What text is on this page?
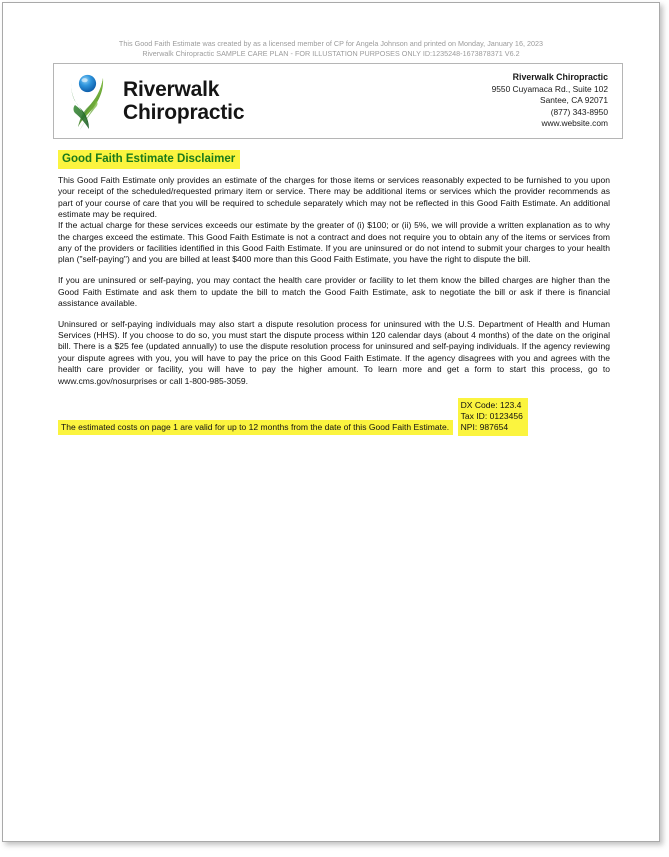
This Good Faith Estimate was created by as a licensed member of CP for Angela Johnson and printed on Monday, January 16, 2023
Riverwalk Chiropractic SAMPLE CARE PLAN - FOR ILLUSTATION PURPOSES ONLY ID:1235248-1673878371 V6.2
Riverwalk
Chiropractic
Riverwalk Chiropractic
9550 Cuyamaca Rd., Suite 102
Santee, CA 92071
(877) 343-8950
www.website.com
Good Faith Estimate Disclaimer

This Good Faith Estimate only provides an estimate of the charges for those items or services reasonably expected to be furnished to you upon your receipt of the scheduled/requested primary item or service. There may be additional items or services which the provider recommends as part of your course of care that you will be required to schedule separately which may not be reflected in this Good Faith Estimate. An additional estimate may be required.

If the actual charge for these services exceeds our estimate by the greater of (i) $100; or (ii) 5%, we will provide a written explanation as to why the charges exceed the estimate. This Good Faith Estimate is not a contract and does not require you to obtain any of the items or services from any of the providers or facilities identified in this Good Faith Estimate. If you are uninsured or do not intend to submit your charges to your health plan ("self-paying") and you are billed at least $400 more than this Good Faith Estimate, you have the right to dispute the bill.

If you are uninsured or self-paying, you may contact the health care provider or facility to let them know the billed charges are higher than the Good Faith Estimate and ask them to update the bill to match the Good Faith Estimate, ask to negotiate the bill or ask if there is financial assistance available.

Uninsured or self-paying individuals may also start a dispute resolution process for uninsured with the U.S. Department of Health and Human Services (HHS). If you choose to do so, you must start the dispute process within 120 calendar days (about 4 months) of the date on the original bill. There is a $25 fee (updated annually) to use the dispute resolution process for uninsured and self-paying individuals. If the agency reviewing your dispute agrees with you, you will have to pay the price on this Good Faith Estimate. If the agency disagrees with you and agrees with the health care provider or facility, you will have to pay the higher amount. To learn more and get a form to start this process, go to www.cms.gov/nosurprises or call 1-800-985-3059.

The estimated costs on page 1 are valid for up to 12 months from the date of this Good Faith Estimate.
DX Code: 123.4
Tax ID: 0123456
NPI: 987654
